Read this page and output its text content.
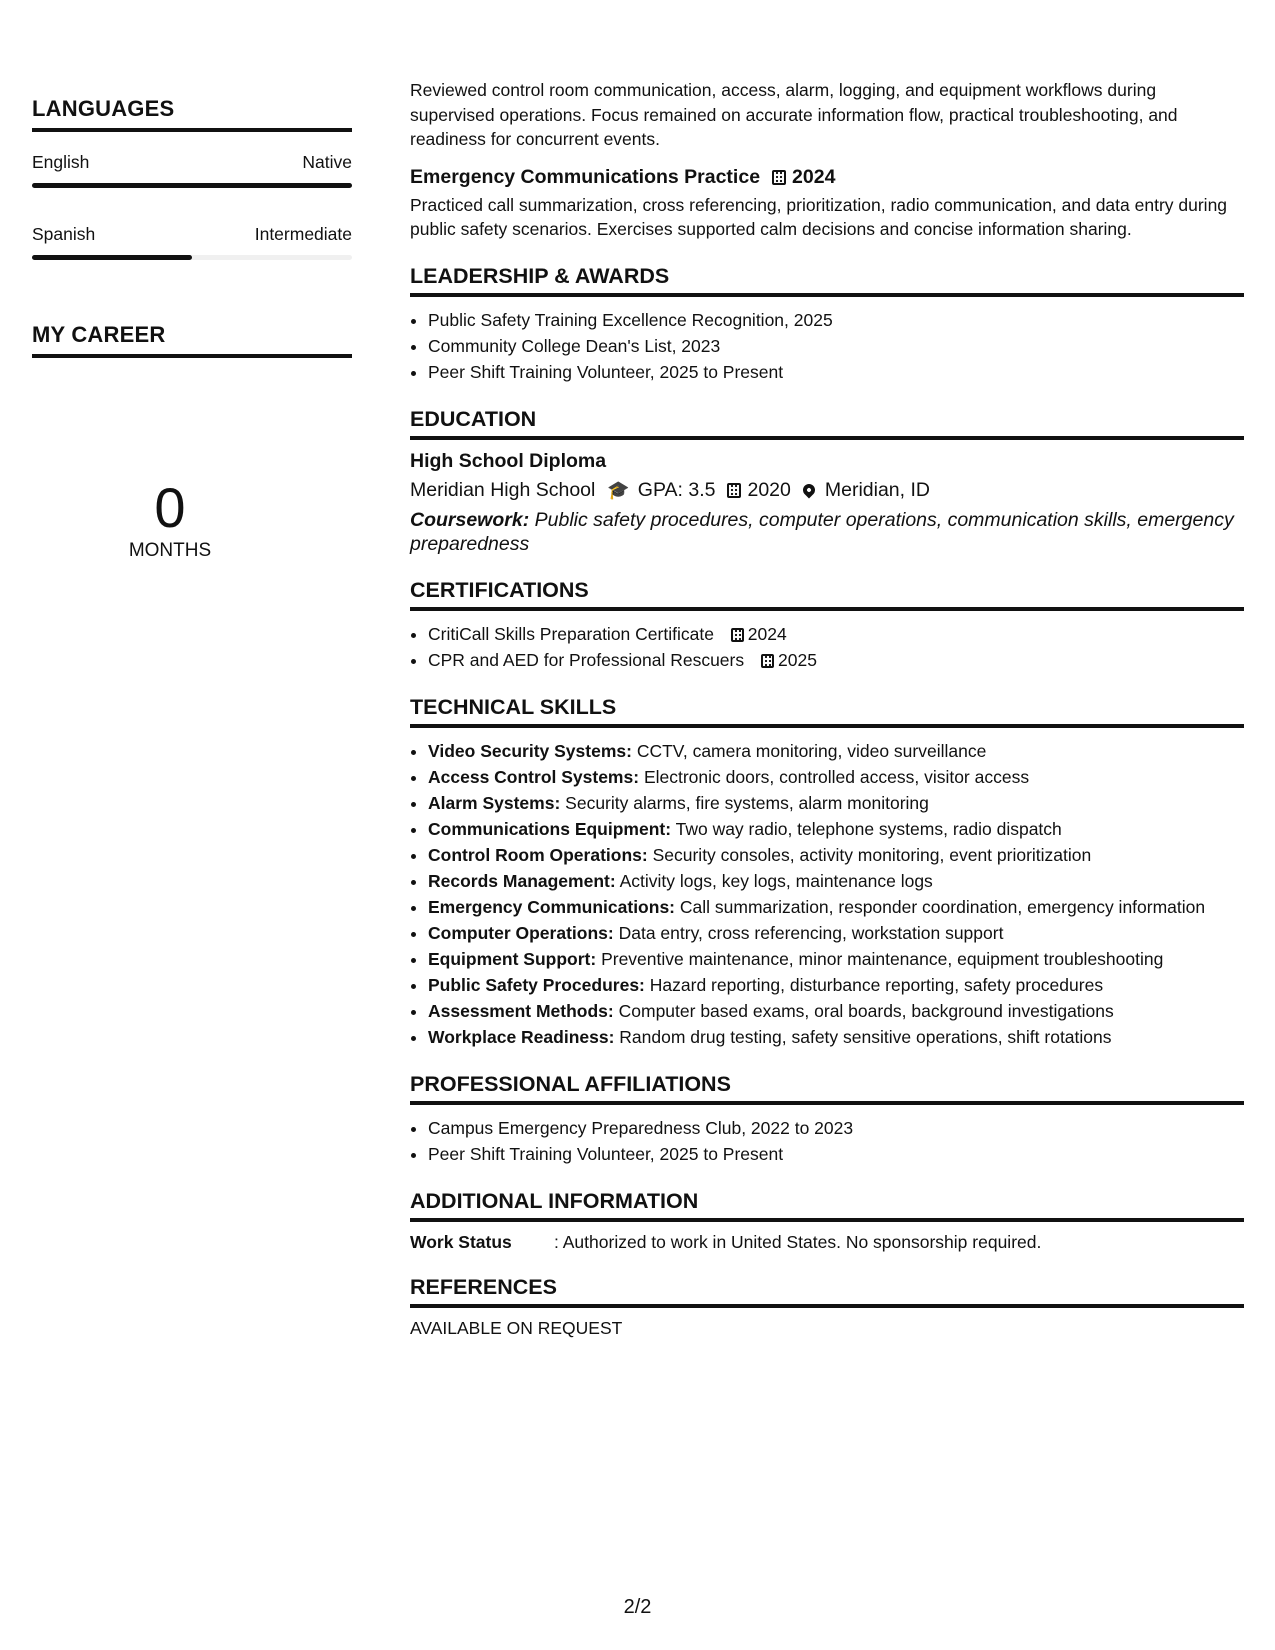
LANGUAGES
English	Native
Spanish	Intermediate
MY CAREER
0
MONTHS

Reviewed control room communication, access, alarm, logging, and equipment workflows during supervised operations. Focus remained on accurate information flow, practical troubleshooting, and readiness for concurrent events.

Emergency Communications Practice 2024

Practiced call summarization, cross referencing, prioritization, radio communication, and data entry during public safety scenarios. Exercises supported calm decisions and concise information sharing.

LEADERSHIP & AWARDS
• Public Safety Training Excellence Recognition, 2025
• Community College Dean's List, 2023
• Peer Shift Training Volunteer, 2025 to Present
EDUCATION
High School Diploma
Meridian High School 🎓 GPA: 3.5 2020 Meridian, ID
Coursework: Public safety procedures, computer operations, communication skills, emergency preparedness
CERTIFICATIONS
• CritiCall Skills Preparation Certificate 2024
• CPR and AED for Professional Rescuers 2025
TECHNICAL SKILLS
• Video Security Systems: CCTV, camera monitoring, video surveillance
• Access Control Systems: Electronic doors, controlled access, visitor access
• Alarm Systems: Security alarms, fire systems, alarm monitoring
• Communications Equipment: Two way radio, telephone systems, radio dispatch
• Control Room Operations: Security consoles, activity monitoring, event prioritization
• Records Management: Activity logs, key logs, maintenance logs
• Emergency Communications: Call summarization, responder coordination, emergency information
• Computer Operations: Data entry, cross referencing, workstation support
• Equipment Support: Preventive maintenance, minor maintenance, equipment troubleshooting
• Public Safety Procedures: Hazard reporting, disturbance reporting, safety procedures
• Assessment Methods: Computer based exams, oral boards, background investigations
• Workplace Readiness: Random drug testing, safety sensitive operations, shift rotations
PROFESSIONAL AFFILIATIONS
• Campus Emergency Preparedness Club, 2022 to 2023
• Peer Shift Training Volunteer, 2025 to Present
ADDITIONAL INFORMATION
Work Status	: Authorized to work in United States. No sponsorship required.
REFERENCES
AVAILABLE ON REQUEST
2/2
